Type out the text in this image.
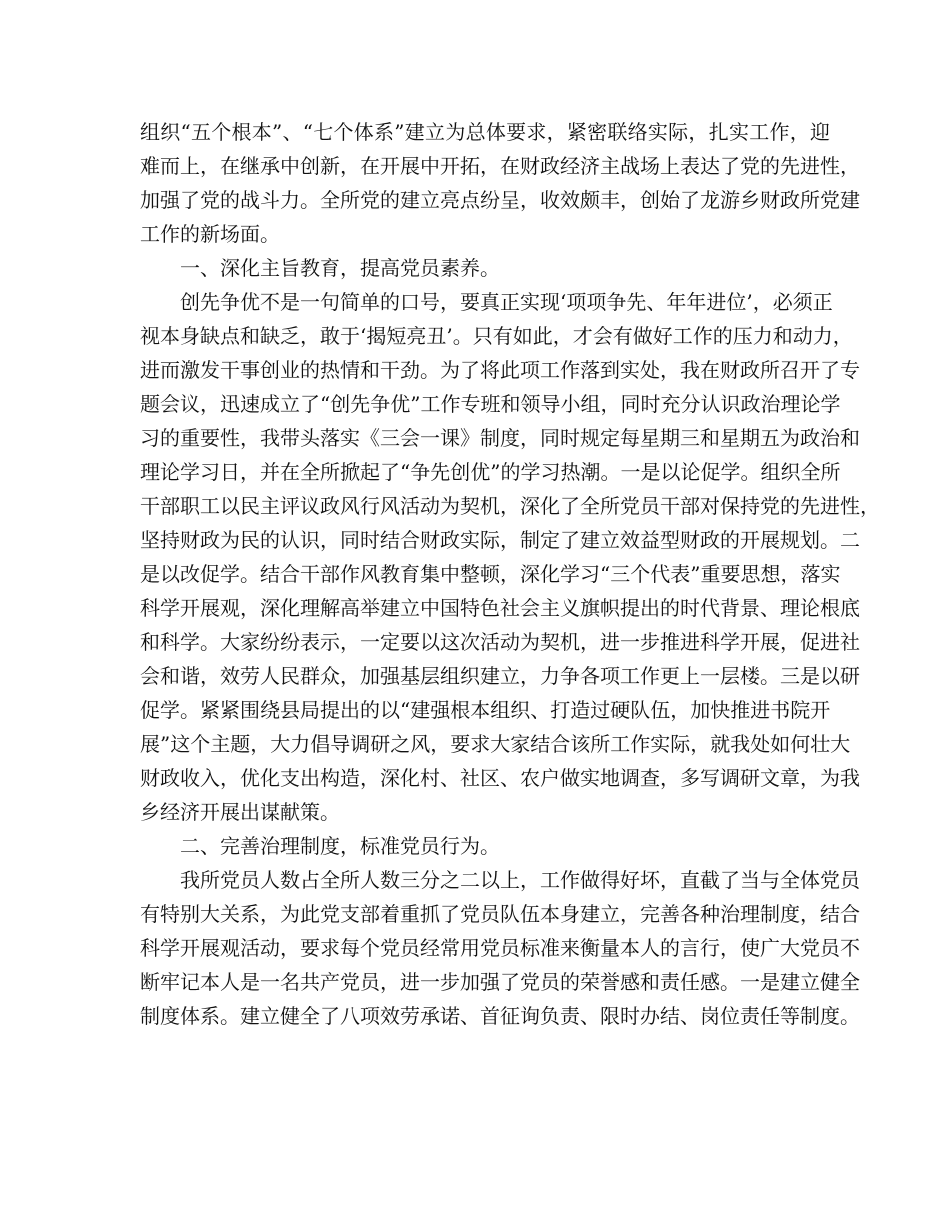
组织“五个根本”、“七个体系”建立为总体要求，紧密联络实际，扎实工作，迎
难而上，在继承中创新，在开展中开拓，在财政经济主战场上表达了党的先进性，
加强了党的战斗力。全所党的建立亮点纷呈，收效颇丰，创始了龙游乡财政所党建
工作的新场面。
一、深化主旨教育，提高党员素养。
创先争优不是一句简单的口号，要真正实现‘项项争先、年年进位’，必须正
视本身缺点和缺乏，敢于‘揭短亮丑’。只有如此，才会有做好工作的压力和动力，
进而激发干事创业的热情和干劲。为了将此项工作落到实处，我在财政所召开了专
题会议，迅速成立了“创先争优”工作专班和领导小组，同时充分认识政治理论学
习的重要性，我带头落实《三会一课》制度，同时规定每星期三和星期五为政治和
理论学习日，并在全所掀起了“争先创优”的学习热潮。一是以论促学。组织全所
干部职工以民主评议政风行风活动为契机，深化了全所党员干部对保持党的先进性，
坚持财政为民的认识，同时结合财政实际，制定了建立效益型财政的开展规划。二
是以改促学。结合干部作风教育集中整顿，深化学习“三个代表”重要思想，落实
科学开展观，深化理解高举建立中国特色社会主义旗帜提出的时代背景、理论根底
和科学。大家纷纷表示，一定要以这次活动为契机，进一步推进科学开展，促进社
会和谐，效劳人民群众，加强基层组织建立，力争各项工作更上一层楼。三是以研
促学。紧紧围绕县局提出的以“建强根本组织、打造过硬队伍，加快推进书院开
展”这个主题，大力倡导调研之风，要求大家结合该所工作实际，就我处如何壮大
财政收入，优化支出构造，深化村、社区、农户做实地调查，多写调研文章，为我
乡经济开展出谋献策。
二、完善治理制度，标准党员行为。
我所党员人数占全所人数三分之二以上，工作做得好坏，直截了当与全体党员
有特别大关系，为此党支部着重抓了党员队伍本身建立，完善各种治理制度，结合
科学开展观活动，要求每个党员经常用党员标准来衡量本人的言行，使广大党员不
断牢记本人是一名共产党员，进一步加强了党员的荣誉感和责任感。一是建立健全
制度体系。建立健全了八项效劳承诺、首征询负责、限时办结、岗位责任等制度。
